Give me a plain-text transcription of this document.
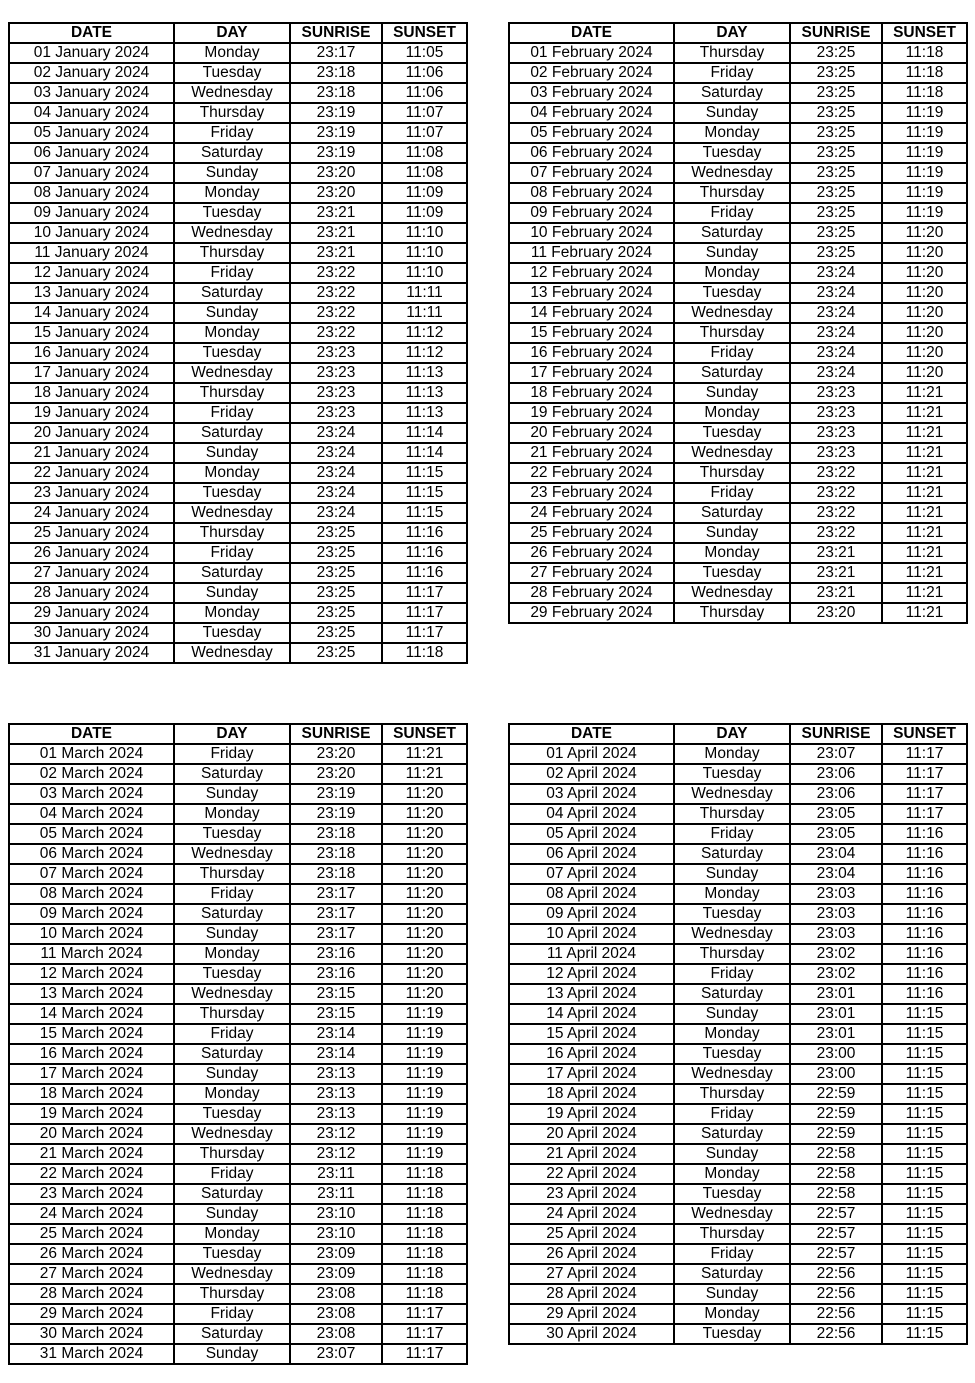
DATE	DAY	SUNRISE	SUNSET
01 January 2024	Monday	23:17	11:05
02 January 2024	Tuesday	23:18	11:06
03 January 2024	Wednesday	23:18	11:06
04 January 2024	Thursday	23:19	11:07
05 January 2024	Friday	23:19	11:07
06 January 2024	Saturday	23:19	11:08
07 January 2024	Sunday	23:20	11:08
08 January 2024	Monday	23:20	11:09
09 January 2024	Tuesday	23:21	11:09
10 January 2024	Wednesday	23:21	11:10
11 January 2024	Thursday	23:21	11:10
12 January 2024	Friday	23:22	11:10
13 January 2024	Saturday	23:22	11:11
14 January 2024	Sunday	23:22	11:11
15 January 2024	Monday	23:22	11:12
16 January 2024	Tuesday	23:23	11:12
17 January 2024	Wednesday	23:23	11:13
18 January 2024	Thursday	23:23	11:13
19 January 2024	Friday	23:23	11:13
20 January 2024	Saturday	23:24	11:14
21 January 2024	Sunday	23:24	11:14
22 January 2024	Monday	23:24	11:15
23 January 2024	Tuesday	23:24	11:15
24 January 2024	Wednesday	23:24	11:15
25 January 2024	Thursday	23:25	11:16
26 January 2024	Friday	23:25	11:16
27 January 2024	Saturday	23:25	11:16
28 January 2024	Sunday	23:25	11:17
29 January 2024	Monday	23:25	11:17
30 January 2024	Tuesday	23:25	11:17
31 January 2024	Wednesday	23:25	11:18
DATE	DAY	SUNRISE	SUNSET
01 February 2024	Thursday	23:25	11:18
02 February 2024	Friday	23:25	11:18
03 February 2024	Saturday	23:25	11:18
04 February 2024	Sunday	23:25	11:19
05 February 2024	Monday	23:25	11:19
06 February 2024	Tuesday	23:25	11:19
07 February 2024	Wednesday	23:25	11:19
08 February 2024	Thursday	23:25	11:19
09 February 2024	Friday	23:25	11:19
10 February 2024	Saturday	23:25	11:20
11 February 2024	Sunday	23:25	11:20
12 February 2024	Monday	23:24	11:20
13 February 2024	Tuesday	23:24	11:20
14 February 2024	Wednesday	23:24	11:20
15 February 2024	Thursday	23:24	11:20
16 February 2024	Friday	23:24	11:20
17 February 2024	Saturday	23:24	11:20
18 February 2024	Sunday	23:23	11:21
19 February 2024	Monday	23:23	11:21
20 February 2024	Tuesday	23:23	11:21
21 February 2024	Wednesday	23:23	11:21
22 February 2024	Thursday	23:22	11:21
23 February 2024	Friday	23:22	11:21
24 February 2024	Saturday	23:22	11:21
25 February 2024	Sunday	23:22	11:21
26 February 2024	Monday	23:21	11:21
27 February 2024	Tuesday	23:21	11:21
28 February 2024	Wednesday	23:21	11:21
29 February 2024	Thursday	23:20	11:21
DATE	DAY	SUNRISE	SUNSET
01 March 2024	Friday	23:20	11:21
02 March 2024	Saturday	23:20	11:21
03 March 2024	Sunday	23:19	11:20
04 March 2024	Monday	23:19	11:20
05 March 2024	Tuesday	23:18	11:20
06 March 2024	Wednesday	23:18	11:20
07 March 2024	Thursday	23:18	11:20
08 March 2024	Friday	23:17	11:20
09 March 2024	Saturday	23:17	11:20
10 March 2024	Sunday	23:17	11:20
11 March 2024	Monday	23:16	11:20
12 March 2024	Tuesday	23:16	11:20
13 March 2024	Wednesday	23:15	11:20
14 March 2024	Thursday	23:15	11:19
15 March 2024	Friday	23:14	11:19
16 March 2024	Saturday	23:14	11:19
17 March 2024	Sunday	23:13	11:19
18 March 2024	Monday	23:13	11:19
19 March 2024	Tuesday	23:13	11:19
20 March 2024	Wednesday	23:12	11:19
21 March 2024	Thursday	23:12	11:19
22 March 2024	Friday	23:11	11:18
23 March 2024	Saturday	23:11	11:18
24 March 2024	Sunday	23:10	11:18
25 March 2024	Monday	23:10	11:18
26 March 2024	Tuesday	23:09	11:18
27 March 2024	Wednesday	23:09	11:18
28 March 2024	Thursday	23:08	11:18
29 March 2024	Friday	23:08	11:17
30 March 2024	Saturday	23:08	11:17
31 March 2024	Sunday	23:07	11:17
DATE	DAY	SUNRISE	SUNSET
01 April 2024	Monday	23:07	11:17
02 April 2024	Tuesday	23:06	11:17
03 April 2024	Wednesday	23:06	11:17
04 April 2024	Thursday	23:05	11:17
05 April 2024	Friday	23:05	11:16
06 April 2024	Saturday	23:04	11:16
07 April 2024	Sunday	23:04	11:16
08 April 2024	Monday	23:03	11:16
09 April 2024	Tuesday	23:03	11:16
10 April 2024	Wednesday	23:03	11:16
11 April 2024	Thursday	23:02	11:16
12 April 2024	Friday	23:02	11:16
13 April 2024	Saturday	23:01	11:16
14 April 2024	Sunday	23:01	11:15
15 April 2024	Monday	23:01	11:15
16 April 2024	Tuesday	23:00	11:15
17 April 2024	Wednesday	23:00	11:15
18 April 2024	Thursday	22:59	11:15
19 April 2024	Friday	22:59	11:15
20 April 2024	Saturday	22:59	11:15
21 April 2024	Sunday	22:58	11:15
22 April 2024	Monday	22:58	11:15
23 April 2024	Tuesday	22:58	11:15
24 April 2024	Wednesday	22:57	11:15
25 April 2024	Thursday	22:57	11:15
26 April 2024	Friday	22:57	11:15
27 April 2024	Saturday	22:56	11:15
28 April 2024	Sunday	22:56	11:15
29 April 2024	Monday	22:56	11:15
30 April 2024	Tuesday	22:56	11:15
